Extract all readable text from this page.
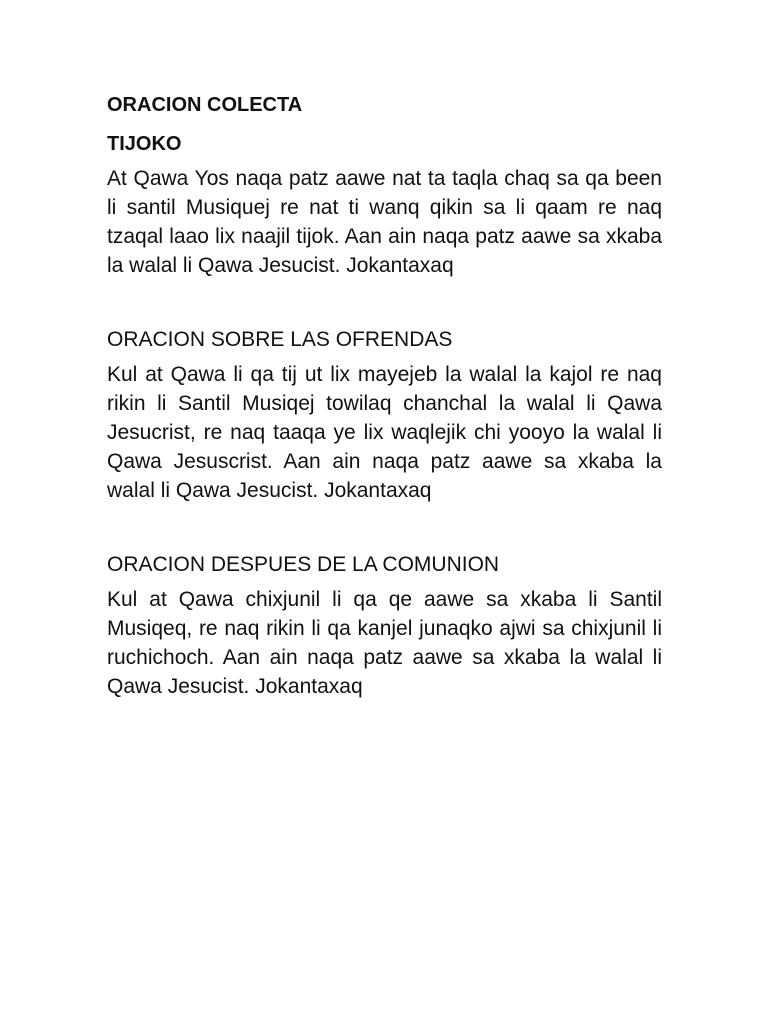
ORACION COLECTA
TIJOKO

At Qawa Yos naqa patz aawe nat ta taqla chaq sa qa been li santil Musiquej re nat ti wanq qikin sa li qaam re naq tzaqal laao lix naajil tijok. Aan ain naqa patz aawe sa xkaba la walal li Qawa Jesucist. Jokantaxaq

ORACION SOBRE LAS OFRENDAS

Kul at Qawa li qa tij ut lix mayejeb la walal la kajol re naq rikin li Santil Musiqej towilaq chanchal la walal li Qawa Jesucrist, re naq taaqa ye lix waqlejik chi yooyo la walal li Qawa Jesuscrist. Aan ain naqa patz aawe sa xkaba la walal li Qawa Jesucist. Jokantaxaq

ORACION DESPUES DE LA COMUNION

Kul at Qawa chixjunil li qa qe aawe sa xkaba li Santil Musiqeq, re naq rikin li qa kanjel junaqko ajwi sa chixjunil li ruchichoch. Aan ain naqa patz aawe sa xkaba la walal li Qawa Jesucist. Jokantaxaq
